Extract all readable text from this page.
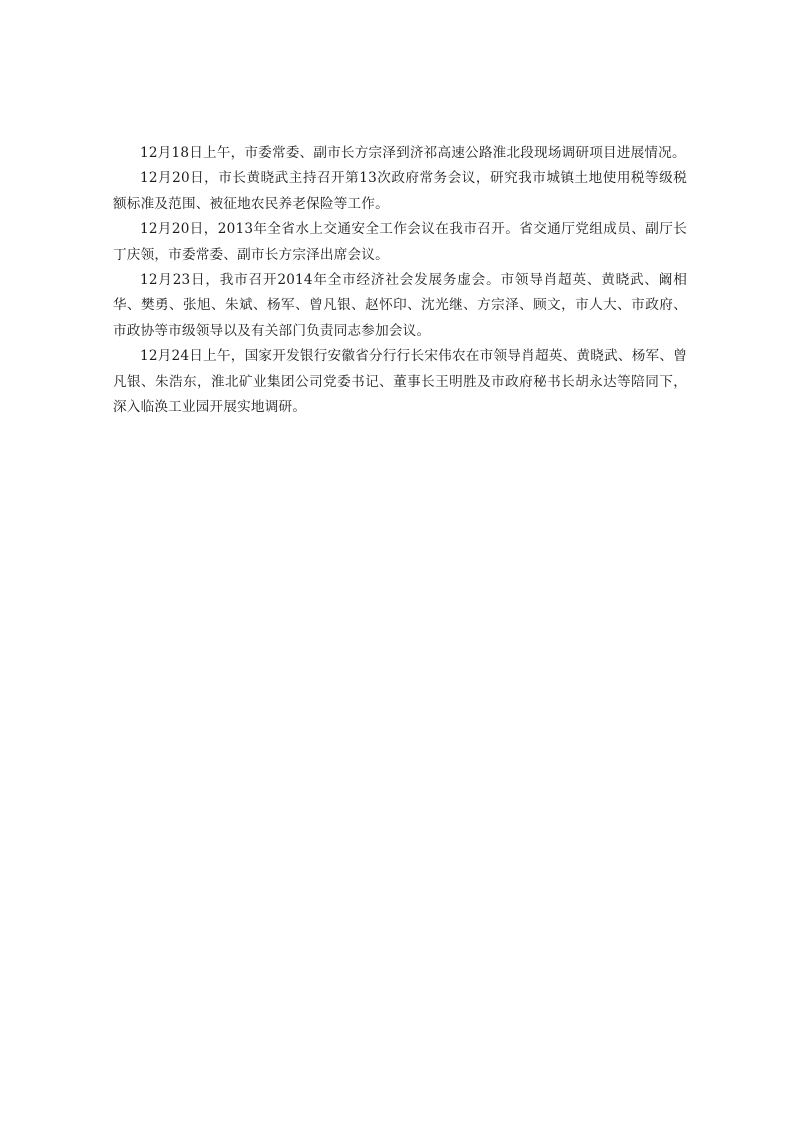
12月18日上午，市委常委、副市长方宗泽到济祁高速公路淮北段现场调研项目进展情况。

12月20日，市长黄晓武主持召开第13次政府常务会议，研究我市城镇土地使用税等级税额标准及范围、被征地农民养老保险等工作。

12月20日，2013年全省水上交通安全工作会议在我市召开。省交通厅党组成员、副厅长丁庆领，市委常委、副市长方宗泽出席会议。

12月23日，我市召开2014年全市经济社会发展务虚会。市领导肖超英、黄晓武、阚相华、樊勇、张旭、朱斌、杨军、曾凡银、赵怀印、沈光继、方宗泽、顾文，市人大、市政府、市政协等市级领导以及有关部门负责同志参加会议。

12月24日上午，国家开发银行安徽省分行行长宋伟农在市领导肖超英、黄晓武、杨军、曾凡银、朱浩东，淮北矿业集团公司党委书记、董事长王明胜及市政府秘书长胡永达等陪同下，深入临涣工业园开展实地调研。
